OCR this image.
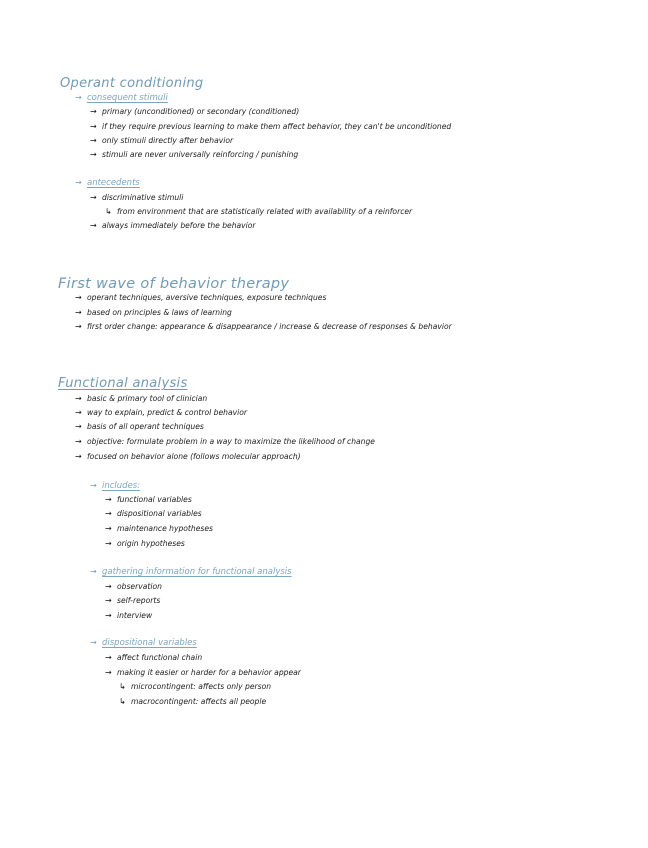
Operant conditioning
→ consequent stimuli
→ primary (unconditioned) or secondary (conditioned)
→ if they require previous learning to make them affect behavior, they can't be unconditioned
→ only stimuli directly after behavior
→ stimuli are never universally reinforcing / punishing
→ antecedents
→ discriminative stimuli
↳ from environment that are statistically related with availability of a reinforcer
→ always immediately before the behavior
First wave of behavior therapy
→ operant techniques, aversive techniques, exposure techniques
→ based on principles & laws of learning
→ first order change: appearance & disappearance / increase & decrease of responses & behavior
Functional analysis
→ basic & primary tool of clinician
→ way to explain, predict & control behavior
→ basis of all operant techniques
→ objective: formulate problem in a way to maximize the likelihood of change
→ focused on behavior alone (follows molecular approach)
→ includes:
→ functional variables
→ dispositional variables
→ maintenance hypotheses
→ origin hypotheses
→ gathering information for functional analysis
→ observation
→ self-reports
→ interview
→ dispositional variables
→ affect functional chain
→ making it easier or harder for a behavior appear
↳ microcontingent: affects only person
↳ macrocontingent: affects all people
